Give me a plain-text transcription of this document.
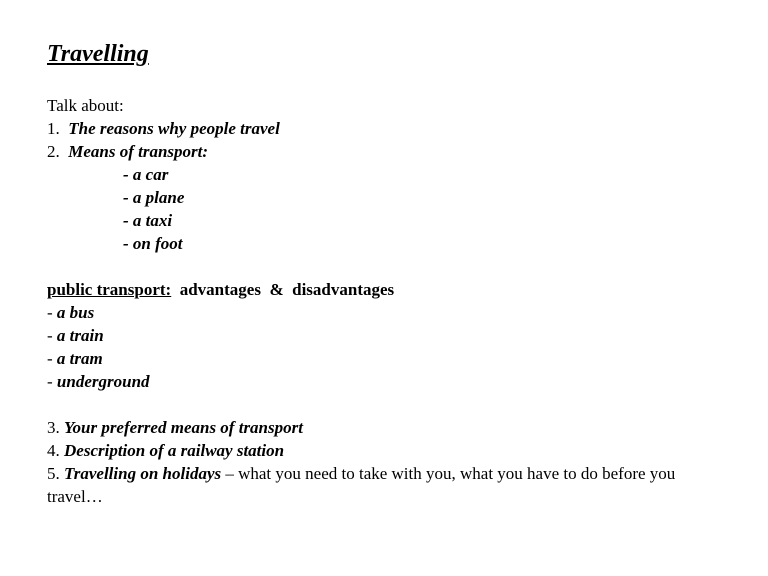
Travelling
Talk about:
1. The reasons why people travel
2. Means of transport:
- a car
- a plane
- a taxi
- on foot
public transport: advantages  &  disadvantages
- a bus
- a train
- a tram
- underground
3. Your preferred means of transport
4. Description of a railway station
5. Travelling on holidays – what you need to take with you, what you have to do before you travel…
